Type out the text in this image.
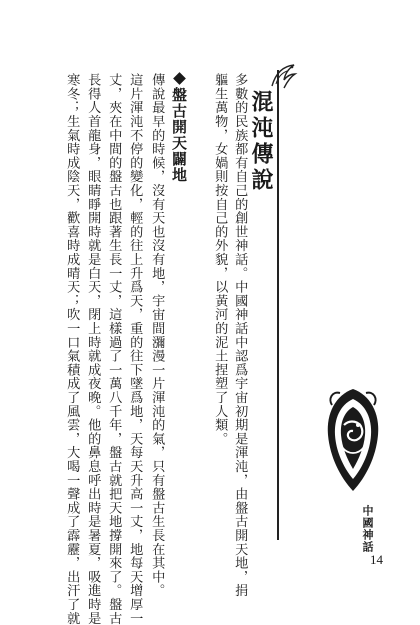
混沌傳說
多數的民族都有自己的創世神話。中國神話中認爲宇宙初期是渾沌，由盤古開天地，捐
軀生萬物，女媧則按自己的外貌，以黃河的泥土捏塑了人類。
盤古開天闢地
傳說最早的時候，沒有天也沒有地，宇宙間瀰漫一片渾沌的氣，只有盤古生長在其中。
這片渾沌不停的變化，輕的往上升爲天，重的往下墜爲地，天每天升高一丈，地每天增厚一
丈，夾在中間的盤古也跟著生長一丈，這樣過了一萬八千年，盤古就把天地撐開來了。盤古
長得人首龍身，眼睛睜開時就是白天，閉上時就成夜晚。他的鼻息呼出時是暑夏，吸進時是
寒冬；生氣時成陰天，歡喜時成晴天；吹一口氣積成了風雲，大喝一聲成了霹靂，出汗了就	中國神話
14
